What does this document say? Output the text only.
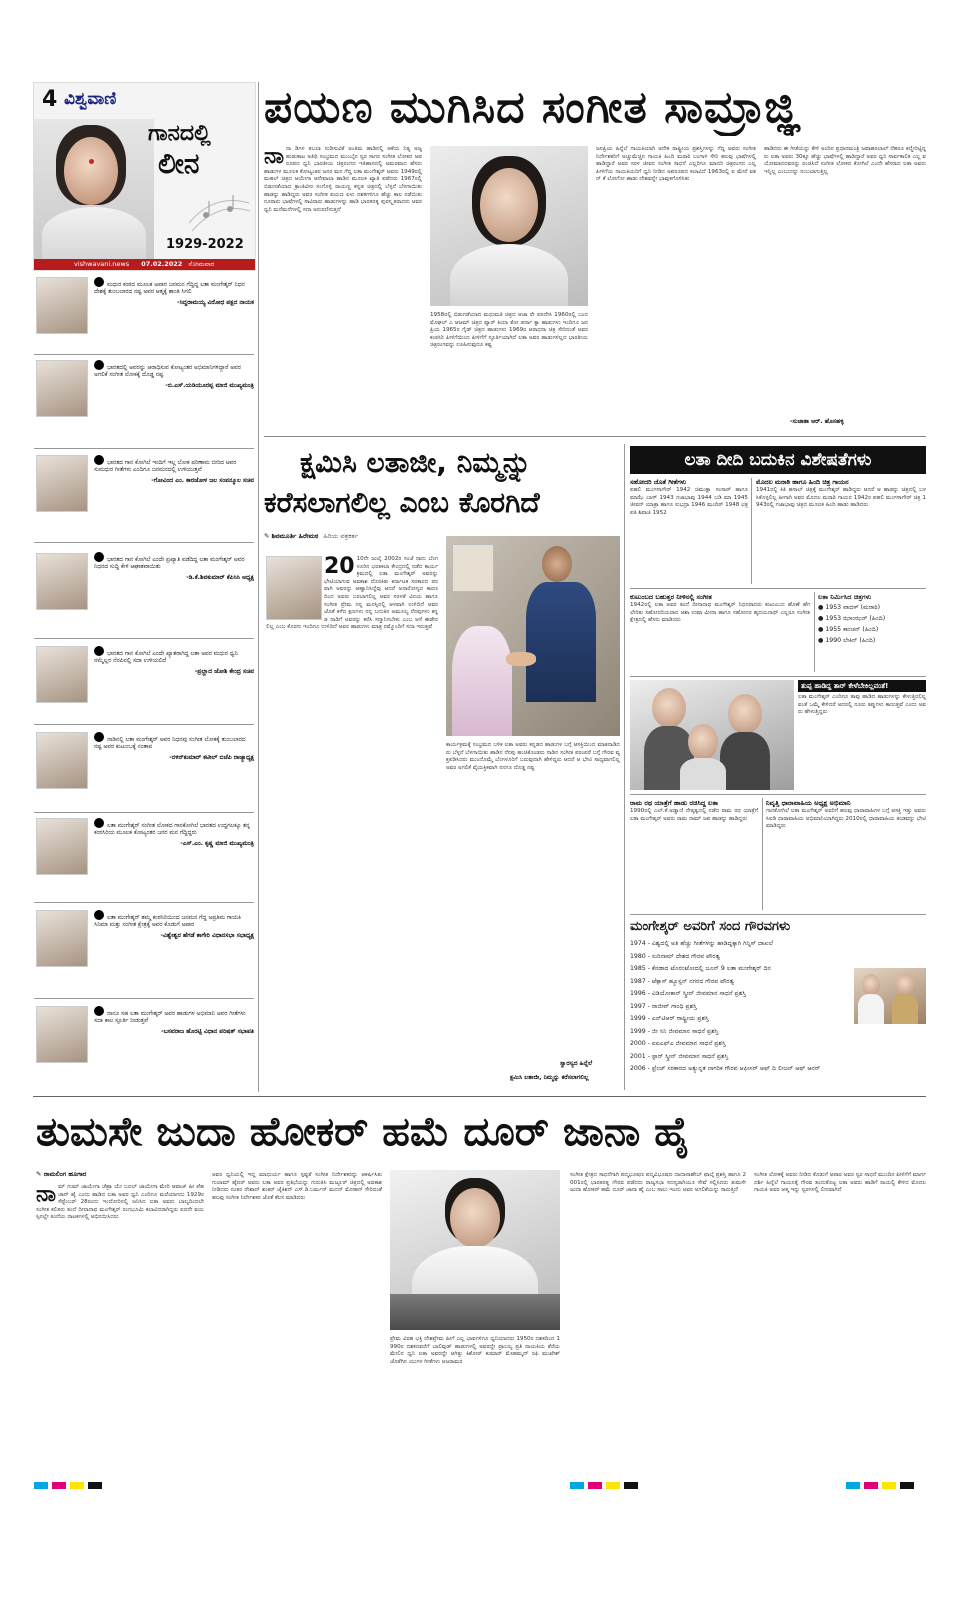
4 ವಿಶ್ವವಾಣಿ
ಗಾನದಲ್ಲಿ
ಲೀನ
1929-2022
vishwavani.news 07.02.2022 ಸೋಮವಾರ
ಮಧುರ ಕಂಠದ ಮೂಲಕ ಅಪಾರ ಜನಮನ ಗೆದ್ದಿದ್ದ ಲತಾ ಮಂಗೇಶ್ಕರ್ ನಿಧನ ದೇಶಕ್ಕೆ ತುಂಬಲಾರದ ನಷ್ಟ ಅವರ ಆತ್ಮಕ್ಕೆ ಶಾಂತಿ ಸಿಗಲಿ
-ಸಿದ್ದರಾಮಯ್ಯ ವಿರೋಧ ಪಕ್ಷದ ನಾಯಕ
ಭಾರತದಲ್ಲಿ ಅವರನ್ನು ಆರಾಧಿಸುವ ಕೋಟ್ಯಂತರ ಅಭಿಮಾನಿಗಳಿದ್ದಾರೆ ಅವರ ಅಗಲಿಕೆ ಸಂಗೀತ ಲೋಕಕ್ಕೆ ದೊಡ್ಡ ನಷ್ಟ
-ಬಿ.ಎಸ್.ಯಡಿಯೂರಪ್ಪ ಮಾಜಿ ಮುಖ್ಯಮಂತ್ರಿ
ಭಾರತದ ಗಾನ ಕೋಗಿಲೆ ಇಂದಿಗೆ ಇಲ್ಲ ಲೋಕ ಪರಿಣಾಮ ಬೀರಿದ ಅವರ ಸುಮಧುರ ಗೀತೆಗಳು ಎಂದಿಗೂ ಜನಮನದಲ್ಲಿ ಉಳಿಯುತ್ತವೆ
-ಗೋವಿಂದ ಎಂ. ಕಾರಜೋಳ ಜಲ ಸಂಪನ್ಮೂಲ ಸಚಿವ
ಭಾರತದ ಗಾನ ಕೋಗಿಲೆ ಎಂದೇ ಪ್ರಖ್ಯಾತಿ ಪಡೆದಿದ್ದ ಲತಾ ಮಂಗೇಶ್ಕರ್ ಅವರ ನಿಧನದ ಸುದ್ದಿ ಕೇಳಿ ಆಘಾತವಾಯಿತು
-ಡಿ.ಕೆ.ಶಿವಕುಮಾರ್ ಕೆಪಿಸಿಸಿ ಅಧ್ಯಕ್ಷ
ಭಾರತದ ಗಾನ ಕೋಗಿಲೆ ಎಂದೇ ಖ್ಯಾತರಾಗಿದ್ದ ಲತಾ ಅವರ ಮಧುರ ಧ್ವನಿ ನಮ್ಮೆಲ್ಲರ ನೆನಪಿನಲ್ಲಿ ಸದಾ ಉಳಿಯಲಿದೆ
-ಪ್ರಲ್ಹಾದ ಜೋಶಿ ಕೇಂದ್ರ ಸಚಿವ
ನಾಡಿನಲ್ಲಿ ಲತಾ ಮಂಗೇಶ್ಕರ್ ಅವರ ನಿಧನವು ಸಂಗೀತ ಲೋಕಕ್ಕೆ ತುಂಬಲಾರದ ನಷ್ಟ ಅವರ ಕುಟುಂಬಕ್ಕೆ ಸಂತಾಪ
-ನಳಿನ್‌ಕುಮಾರ್ ಕಟೀಲ್ ಬಿಜೆಪಿ ರಾಜ್ಯಾಧ್ಯಕ್ಷ
ಲತಾ ಮಂಗೇಶ್ಕರ್ ಸಂಗೀತ ಲೋಕದ ಗಾನಕೋಗಿಲೆ ಭಾರತದ ಉದ್ದಗಲಕ್ಕೂ ತನ್ನ ಕಂಠಸಿರಿಯ ಮೂಲಕ ಕೋಟ್ಯಂತರ ಜನರ ಮನ ಗೆದ್ದಿದ್ದರು
-ಎಸ್.ಎಂ. ಕೃಷ್ಣ ಮಾಜಿ ಮುಖ್ಯಮಂತ್ರಿ
ಲತಾ ಮಂಗೇಶ್ಕರ್ ತಮ್ಮ ಕಂಠಸಿರಿಯಿಂದ ಜನಮನ ಗೆದ್ದ ಅಪ್ರತಿಮ ಗಾಯಕಿ ಸಿನಿಮಾ ಮತ್ತು ಸಂಗೀತ ಕ್ಷೇತ್ರಕ್ಕೆ ಅವರ ಕೊಡುಗೆ ಅಪಾರ
-ವಿಶ್ವೇಶ್ವರ ಹೆಗಡೆ ಕಾಗೇರಿ ವಿಧಾನಸಭಾ ಸಭಾಧ್ಯಕ್ಷ
ನಾನೂ ಸಹ ಲತಾ ಮಂಗೇಶ್ಕರ್ ಅವರ ಹಾಡುಗಳ ಅಭಿಮಾನಿ ಅವರ ಗೀತೆಗಳು ಸದಾ ಕಾಲ ಸ್ಫೂರ್ತಿ ನೀಡುತ್ತವೆ
-ಬಸವರಾಜ ಹೊರಟ್ಟಿ ವಿಧಾನ ಪರಿಷತ್ ಸಭಾಪತಿ
ಪಯಣ ಮುಗಿಸಿದ ಸಂಗೀತ ಸಾಮ್ರಾಜ್ಞಿ
ನಾ ನಾ ಡಿಗಳ ತಬಲಾ ನುಡಿಸುವಿಕೆ ಅಂತಿಮ ಹಾಡಿನಲ್ಲಿ ಆಕೆಯ ನಿತ್ಯ ಅಜ್ಜ ಹುಡುಕಾಟ ಅತಿಥಿ ಸಂಭ್ರಮದ ಮುಂಬೈನ ಸ್ವರ ಸಾಗರ ಸಂಗೀತ ಲೋಕದ ಅಪರೂಪದ ಧ್ವನಿ ಭಾರತೀಯ ಚಿತ್ರರಂಗದ ಇತಿಹಾಸದಲ್ಲಿ ಅಮರವಾದ ಹೆಸರು ಹಾಡುಗಳ ಮೂಲಕ ಕೋಟ್ಯಂತರ ಜನರ ಮನ ಗೆದ್ದ ಲತಾ ಮಂಗೇಶ್ಕರ್ ಅವರು 1949ರಲ್ಲಿ ಮಹಲ್ ಚಿತ್ರದ ಆಯೇಗಾ ಆನೇವಾಲಾ ಹಾಡಿನ ಮೂಲಕ ಖ್ಯಾತಿ ಪಡೆದರು 1967ರಲ್ಲಿ ಬಿಡುಗಡೆಯಾದ ಕ್ರಾಂತಿವೀರ ಸಂಗೊಳ್ಳಿ ರಾಯಣ್ಣ ಕನ್ನಡ ಚಿತ್ರದಲ್ಲಿ ಬೆಳ್ಳನೆ ಬೆಳಗಾಯಿತು ಹಾಡನ್ನು ಹಾಡಿದ್ದರು ಅವರ ಸಂಗೀತ ಪಯಣ ಏಳು ದಶಕಗಳಿಗೂ ಹೆಚ್ಚು ಕಾಲ ನಡೆಯಿತು ನೂರಾರು ಭಾಷೆಗಳಲ್ಲಿ ಸಾವಿರಾರು ಹಾಡುಗಳನ್ನು ಹಾಡಿ ಭಾರತರತ್ನ ಪುರಸ್ಕೃತರಾದರು ಅವರ ಧ್ವನಿ ಮನೆಮನೆಗಳಲ್ಲಿ ಸದಾ ಅನುರಣಿಸುತ್ತದೆ
1958ರಲ್ಲಿ ಬಿಡುಗಡೆಯಾದ ಮಧುಮತಿ ಚಿತ್ರದ ಆಜಾ ರೇ ಪರದೇಸಿ 1960ರಲ್ಲಿ ಬಂದ ಮೊಘಲ್ ಎ ಆಜಮ್ ಚಿತ್ರದ ಪ್ಯಾರ್ ಕಿಯಾ ತೋ ಡರ್ನಾ ಕ್ಯಾ ಹಾಡುಗಳು ಇಂದಿಗೂ ಜನಪ್ರಿಯ 1965ರ ಗೈಡ್ ಚಿತ್ರದ ಹಾಡುಗಳು 1969ರ ಆರಾಧನಾ ಚಿತ್ರ ಸೇರಿದಂತೆ ಅವರ ಕಂಠಸಿರಿ ಪೀಳಿಗೆಯಿಂದ ಪೀಳಿಗೆಗೆ ಸ್ಫೂರ್ತಿಯಾಗಿದೆ ಲತಾ ಅವರ ಹಾಡುಗಳಿಲ್ಲದ ಭಾರತೀಯ ಚಿತ್ರರಂಗವನ್ನು ಊಹಿಸುವುದೂ ಕಷ್ಟ
ಜನಪ್ರಿಯ ಹಿನ್ನೆಲೆ ಗಾಯಕಿಯಾಗಿ ಅನೇಕ ರಾಷ್ಟ್ರೀಯ ಪ್ರಶಸ್ತಿಗಳನ್ನು ಗೆದ್ದ ಅವರು ಸಂಗೀತ ನಿರ್ದೇಶಕರಿಗೆ ಅಚ್ಚುಮೆಚ್ಚಿನ ಗಾಯಕಿ ಹಿಂದಿ ಮರಾಠಿ ಬಂಗಾಳಿ ಸೇರಿ ಹಲವು ಭಾಷೆಗಳಲ್ಲಿ ಹಾಡಿದ್ದಾರೆ ಅವರ ಸರಳ ಜೀವನ ಸಂಗೀತ ಸಾಧನೆ ಎಲ್ಲರಿಗೂ ಮಾದರಿ ಚಿತ್ರರಂಗದ ಎಲ್ಲ ಪೀಳಿಗೆಯ ನಾಯಕಿಯರಿಗೆ ಧ್ವನಿ ನೀಡಿದ ಅಪರೂಪದ ಕಲಾವಿದೆ 1963ರಲ್ಲಿ ಐ ಮೇರೆ ವತನ್ ಕೆ ಲೋಗೋ ಹಾಡು ದೇಶವನ್ನೇ ಭಾವುಕಗೊಳಿಸಿತು
ಹಾಡಿದರು ಈ ಗೀತೆಯನ್ನು ಕೇಳಿ ಅಂದಿನ ಪ್ರಧಾನಮಂತ್ರಿ ಜವಾಹರಲಾಲ್ ನೆಹರೂ ಕಣ್ಣೀರಿಟ್ಟಿದ್ದರು ಲತಾ ಅವರು 30ಕ್ಕೂ ಹೆಚ್ಚು ಭಾಷೆಗಳಲ್ಲಿ ಹಾಡಿದ್ದಾರೆ ಅವರ ಧ್ವನಿ ಸಾರ್ವಕಾಲಿಕ ಎಲ್ಲ ವಯೋಮಾನದವರನ್ನು ರಂಜಿಸಿದೆ ಸಂಗೀತ ಲೋಕದ ಕೋಗಿಲೆ ಎಂದೇ ಹೆಸರಾದ ಲತಾ ಅವರು ಇನ್ನಿಲ್ಲ ಎಂಬುದನ್ನು ನಂಬಲಾಗುತ್ತಿಲ್ಲ
-ಸುಜಾತಾ ಆರ್. ಹೊಸಹಳ್ಳಿ
ಕ್ಷಮಿಸಿ ಲತಾಜೀ, ನಿಮ್ಮನ್ನು
ಕರೆಸಲಾಗಲಿಲ್ಲ ಎಂಬ ಕೊರಗಿದೆ
✎ ಶಿವಮೂರ್ತಿ ಹಿರೇಮಠ ಹಿರಿಯ ಪತ್ರಕರ್ತ
20 10ನೇ ಜುಲೈ 2002ರ ಸಂಜೆ ನಾನು ಬೆಂಗಳೂರಿನ ಭರತಕಲಾ ಕೇಂದ್ರದಲ್ಲಿ ನಡೆದ ಕಾರ್ಯಕ್ರಮದಲ್ಲಿ ಲತಾ ಮಂಗೇಶ್ಕರ್ ಅವರನ್ನು ಭೇಟಿಯಾಗುವ ಅವಕಾಶ ದೊರಕಿತು ಕರ್ನಾಟಕ ಸರಕಾರದ ಪರವಾಗಿ ಅವರನ್ನು ಆಹ್ವಾನಿಸಿದ್ದೆವು ಆದರೆ ಅನಾರೋಗ್ಯದ ಕಾರಣದಿಂದ ಅವರು ಬರಲಾಗಲಿಲ್ಲ ಅವರ ಸರಳತೆ ವಿನಯ ಹಾಗೂ ಸಂಗೀತ ಪ್ರೇಮ ನನ್ನ ಮನಸ್ಸಿನಲ್ಲಿ ಆಳವಾಗಿ ಉಳಿದಿದೆ ಅವರ ಜೊತೆ ಕಳೆದ ಕ್ಷಣಗಳು ನನ್ನ ಬದುಕಿನ ಅಮೂಲ್ಯ ನೆನಪುಗಳು ಕನ್ನಡ ನಾಡಿಗೆ ಅವರನ್ನು ಕರೆಸಿ ಸನ್ಮಾನಿಸಬೇಕು ಎಂಬ ಆಸೆ ಈಡೇರಲಿಲ್ಲ ಎಂಬ ಕೊರಗು ಇಂದಿಗೂ ಉಳಿದಿದೆ ಅವರ ಹಾಡುಗಳು ಮಾತ್ರ ನಮ್ಮೊಂದಿಗೆ ಸದಾ ಇರುತ್ತವೆ
ಕಾರ್ಯಕ್ರಮಕ್ಕೆ ಸಂಭ್ರಮದ ಬಳಿಕ ಲತಾ ಅವರು ಕನ್ನಡದ ಹಾಡುಗಳ ಬಗ್ಗೆ ಆಸಕ್ತಿಯಿಂದ ಮಾತನಾಡಿದರು ಬೆಳ್ಳನೆ ಬೆಳಗಾಯಿತು ಹಾಡಿನ ನೆನಪು ಹಂಚಿಕೊಂಡರು ನಾಡಿನ ಸಂಗೀತ ಪರಂಪರೆ ಬಗ್ಗೆ ಗೌರವ ವ್ಯಕ್ತಪಡಿಸಿದರು ಮುಂದೊಮ್ಮೆ ಬೆಂಗಳೂರಿಗೆ ಬರುವುದಾಗಿ ಹೇಳಿದ್ದರು ಆದರೆ ಆ ಭೇಟಿ ಸಾಧ್ಯವಾಗಲಿಲ್ಲ ಅವರ ಅಗಲಿಕೆ ವೈಯಕ್ತಿಕವಾಗಿ ನನಗೂ ದೊಡ್ಡ ನಷ್ಟ
ಸ್ವಾರಸ್ಯದ ಹಿನ್ನೆಲೆ
ಕ್ಷಮಿಸಿ ಲತಾಜೀ, ನಿಮ್ಮನ್ನು ಕರೆಸಲಾಗಲಿಲ್ಲ
ಲತಾ ದೀದಿ ಬದುಕಿನ ವಿಶೇಷತೆಗಳು
ಸಹೋದರಿ ಜೊತೆ ಗೀತೆಗಳು
ಪಹಲಿ ಮಂಗಳಾಗೌರ್ 1942 ಚಿಮುಕ್ಲಾ ಸಂಸಾರ್ ಹಾಗೂ ಮಾಝೆ ಬಾಳ್ 1943 ಗಜಾಭಾವು 1944 ಬಡಿ ಮಾ 1945 ಜೀವನ್ ಯಾತ್ರಾ ಹಾಗೂ ಸುಭದ್ರಾ 1946 ಮಂದಿರ್ 1948 ಛತ್ರಪತಿ ಶಿವಾಜಿ 1952
ಮೊದಲ ಮರಾಠಿ ಹಾಗೂ ಹಿಂದಿ ಚಿತ್ರ ಗಾಯನ
1941ರಲ್ಲಿ ಕಿತಿ ಹಸಾಲ್ ಚಿತ್ರಕ್ಕೆ ಮಂಗೇಶ್ಕರ್ ಹಾಡಿದ್ದರು ಆದರೆ ಆ ಹಾಡನ್ನು ಚಿತ್ರದಲ್ಲಿ ಬಳಸಿಕೊಳ್ಳಲಿಲ್ಲ ಹೀಗಾಗಿ ಅವರ ಮೊದಲ ಮರಾಠಿ ಗಾಯನ 1942ರ ಪಹಲಿ ಮಂಗಳಾಗೌರ್ ಚಿತ್ರ 1943ರಲ್ಲಿ ಗಜಾಭಾವು ಚಿತ್ರದ ಮೂಲಕ ಹಿಂದಿ ಹಾಡು ಹಾಡಿದರು
ಕುಟುಂಬದ ಬಹುತ್ತರ ನೀಳಿನಲ್ಲಿ ಸಂಗೀತ
1942ರಲ್ಲಿ ಲತಾ ಅವರ ತಂದೆ ದೀನಾನಾಥ ಮಂಗೇಶ್ಕರ್ ನಿಧನರಾದರು ಕುಟುಂಬದ ಹೊಣೆ ಹೆಗಲೇರಿತು ಸಹೋದರಿಯರಾದ ಆಶಾ ಉಷಾ ಮೀನಾ ಹಾಗೂ ಸಹೋದರ ಹೃದಯನಾಥ್ ಎಲ್ಲರೂ ಸಂಗೀತ ಕ್ಷೇತ್ರದಲ್ಲಿ ಹೆಸರು ಮಾಡಿದರು
ಲತಾ ನಿರ್ಮಿಸಿದ ಚಿತ್ರಗಳು
● 1953 ವಾದಳ್ (ಮರಾಠಿ)
● 1953 ಝಾಂಝರ್ (ಹಿಂದಿ)
● 1955 ಕಾಂಚನ್ (ಹಿಂದಿ)
● 1990 ಲೇಕಿನ್ (ಹಿಂದಿ)
ತುಪ್ಪ ಹಾಡಿದ್ದ ತಾರ್ ಕೇಳೆಬೇಕಿಲ್ಲವಂತೆ!
ಲತಾ ಮಂಗೇಶ್ಕರ್ ಎಂದಿಗೂ ತಾವು ಹಾಡಿದ ಹಾಡುಗಳನ್ನು ಕೇಳುತ್ತಿರಲಿಲ್ಲವಂತೆ ಒಮ್ಮೆ ಕೇಳಿದರೆ ಅದರಲ್ಲಿ ನೂರು ತಪ್ಪುಗಳು ಕಾಣುತ್ತವೆ ಎಂದು ಅವರು ಹೇಳುತ್ತಿದ್ದರು
ರಾಮ ರಥ ಯಾತ್ರೆಗೆ ಹಾಡು ರಚಿಸಿದ್ದ ಲತಾ
1990ರಲ್ಲಿ ಎಲ್.ಕೆ.ಅಡ್ವಾಣಿ ನೇತೃತ್ವದಲ್ಲಿ ನಡೆದ ರಾಮ ರಥ ಯಾತ್ರೆಗೆ ಲತಾ ಮಂಗೇಶ್ಕರ್ ಅವರು ರಾಮ ನಾಮ್ ಜಪ ಹಾಡನ್ನು ಹಾಡಿದ್ದರು
ನಿವೃತ್ತಿ ಧಾರಾವಾಹಿಯ ಅಧ್ಯಕ್ಷ ಅಭಿಮಾನಿ
ಗಾನಕೋಗಿಲೆ ಲತಾ ಮಂಗೇಶ್ಕರ್ ಅವರಿಗೆ ಹಲವು ಧಾರಾವಾಹಿಗಳ ಬಗ್ಗೆ ಆಸಕ್ತಿ ಇತ್ತು ಅವರು ಸಿಐಡಿ ಧಾರಾವಾಹಿಯ ಅಭಿಮಾನಿಯಾಗಿದ್ದರು 2010ರಲ್ಲಿ ಧಾರಾವಾಹಿಯ ತಂಡವನ್ನು ಭೇಟಿ ಮಾಡಿದ್ದರು
ಮಂಗೇಶ್ಕರ್ ಅವರಿಗೆ ಸಂದ ಗೌರವಗಳು
1974 - ವಿಶ್ವದಲ್ಲಿ ಅತಿ ಹೆಚ್ಚು ಗೀತೆಗಳನ್ನು ಹಾಡಿದ್ದಕ್ಕಾಗಿ ಗಿನ್ನಿಸ್ ದಾಖಲೆ
1980 - ಸುರಿನಾಮ್ ದೇಶದ ಗೌರವ ಪೌರತ್ವ
1985 - ಕೆನಡಾದ ಟೊರಂಟೋದಲ್ಲಿ ಜೂನ್ 9 ಲತಾ ಮಂಗೇಶ್ಕರ್ ದಿನ
1987 - ಟೆಕ್ಸಾಸ್ ಹ್ಯೂಸ್ಟನ್ ನಗರದ ಗೌರವ ಪೌರತ್ವ
1996 - ವಿಡಿಯೋಕಾನ್ ಸ್ಕ್ರೀನ್ ಜೀವಮಾನ ಸಾಧನೆ ಪ್ರಶಸ್ತಿ
1997 - ರಾಜೀವ್ ಗಾಂಧಿ ಪ್ರಶಸ್ತಿ
1999 - ಎನ್‌ಟಿಆರ್ ರಾಷ್ಟ್ರೀಯ ಪ್ರಶಸ್ತಿ
1999 - ಜೀ ಸಿನಿ ಜೀವಮಾನ ಸಾಧನೆ ಪ್ರಶಸ್ತಿ
2000 - ಐಐಎಫ್ಎ ಜೀವಮಾನ ಸಾಧನೆ ಪ್ರಶಸ್ತಿ
2001 - ಸ್ಟಾರ್ ಸ್ಕ್ರೀನ್ ಜೀವಮಾನ ಸಾಧನೆ ಪ್ರಶಸ್ತಿ
2006 - ಫ್ರೆಂಚ್ ಸರಕಾರದ ಅತ್ಯುನ್ನತ ನಾಗರಿಕ ಗೌರವ ಆಫೀಸರ್ ಆಫ್ ದಿ ಲೀಜನ್ ಆಫ್ ಆನರ್
ತುಮಸೇ ಜುದಾ ಹೋಕರ್ ಹಮೆ ದೂರ್ ಜಾನಾ ಹೈ
✎ ರಾಮಲಿಂಗ ಹೂಗಾರ
ನಾ ಮ್ ಗುಮ್ ಜಾಯೇಗಾ ಚೆಹ್ರಾ ಯೇ ಬದಲ್ ಜಾಯೇಗಾ ಮೇರಿ ಆವಾಜ್ ಹೀ ಪೆಹಚಾನ್ ಹೈ ಎಂದು ಹಾಡಿದ ಲತಾ ಅವರ ಧ್ವನಿ ಎಂದಿಗೂ ಮರೆಯಾಗದು 1929ರ ಸೆಪ್ಟೆಂಬರ್ 28ರಂದು ಇಂದೋರಿನಲ್ಲಿ ಜನಿಸಿದ ಲತಾ ಅವರು ಬಾಲ್ಯದಿಂದಲೇ ಸಂಗೀತ ಕಲಿತರು ತಂದೆ ದೀನಾನಾಥ ಮಂಗೇಶ್ಕರ್ ರಂಗಭೂಮಿ ಕಲಾವಿದರಾಗಿದ್ದರು ಐದನೇ ವಯಸ್ಸಿನಲ್ಲೇ ತಂದೆಯ ನಾಟಕಗಳಲ್ಲಿ ಅಭಿನಯಿಸಿದರು
ಅವರ ಧ್ವನಿಯಲ್ಲಿ ಇದ್ದ ಮಾಧುರ್ಯ ಹಾಗೂ ಸ್ಪಷ್ಟತೆ ಸಂಗೀತ ನಿರ್ದೇಶಕರನ್ನು ಆಕರ್ಷಿಸಿತು ಗುಲಾಮ್ ಹೈದರ್ ಅವರು ಲತಾ ಅವರ ಪ್ರತಿಭೆಯನ್ನು ಗುರುತಿಸಿ ಮಜ್ಬೂರ್ ಚಿತ್ರದಲ್ಲಿ ಅವಕಾಶ ನೀಡಿದರು ನಂತರ ನೌಶಾದ್ ಶಂಕರ್ ಜೈಕಿಶನ್ ಎಸ್.ಡಿ.ಬರ್ಮನ್ ಮದನ್ ಮೋಹನ್ ಸೇರಿದಂತೆ ಹಲವು ಸಂಗೀತ ನಿರ್ದೇಶಕರ ಜೊತೆ ಕೆಲಸ ಮಾಡಿದರು
ಪ್ರೇಮ ವಿರಹ ಭಕ್ತಿ ದೇಶಪ್ರೇಮ ಹೀಗೆ ಎಲ್ಲ ಭಾವಗಳಿಗೂ ಧ್ವನಿಯಾದರು 1950ರ ದಶಕದಿಂದ 1990ರ ದಶಕದವರೆಗೆ ಬಾಲಿವುಡ್ ಹಾಡುಗಳಲ್ಲಿ ಅವರದ್ದೇ ಪ್ರಾಬಲ್ಯ ಪ್ರತಿ ನಾಯಕಿಯ ತೆರೆಯ ಮೇಲಿನ ಧ್ವನಿ ಲತಾ ಅವರದ್ದೇ ಆಗಿತ್ತು ಕಿಶೋರ್ ಕುಮಾರ್ ಮೊಹಮ್ಮದ್ ರಫಿ ಮುಖೇಶ್ ಜೊತೆಗಿನ ಯುಗಳ ಗೀತೆಗಳು ಅಜರಾಮರ
ಸಂಗೀತ ಕ್ಷೇತ್ರದ ಸಾಧನೆಗಾಗಿ ಪದ್ಮಭೂಷಣ ಪದ್ಮವಿಭೂಷಣ ದಾದಾಸಾಹೇಬ್ ಫಾಲ್ಕೆ ಪ್ರಶಸ್ತಿ ಹಾಗೂ 2001ರಲ್ಲಿ ಭಾರತರತ್ನ ಗೌರವ ಪಡೆದರು ರಾಜ್ಯಸಭಾ ಸದಸ್ಯರಾಗಿಯೂ ಸೇವೆ ಸಲ್ಲಿಸಿದರು ತುಮಸೇ ಜುದಾ ಹೋಕರ್ ಹಮೆ ದೂರ್ ಜಾನಾ ಹೈ ಎಂಬ ಸಾಲು ಇಂದು ಅವರ ಅಗಲಿಕೆಯನ್ನು ಸಾರುತ್ತಿದೆ
ಸಂಗೀತ ಲೋಕಕ್ಕೆ ಅವರು ನೀಡಿದ ಕೊಡುಗೆ ಅಪಾರ ಅವರ ಸ್ವರ ಸಾಧನೆ ಮುಂದಿನ ಪೀಳಿಗೆಗೆ ಮಾರ್ಗದರ್ಶಿ ಹಿನ್ನೆಲೆ ಗಾಯನಕ್ಕೆ ಗೌರವ ತಂದುಕೊಟ್ಟ ಲತಾ ಅವರು ಹಾಡಿಗೆ ರಾಯಲ್ಟಿ ಕೇಳಿದ ಮೊದಲ ಗಾಯಕಿ ಅವರ ಆತ್ಮ ಇನ್ನು ಸ್ವರಗಳಲ್ಲಿ ಲೀನವಾಗಿದೆ
